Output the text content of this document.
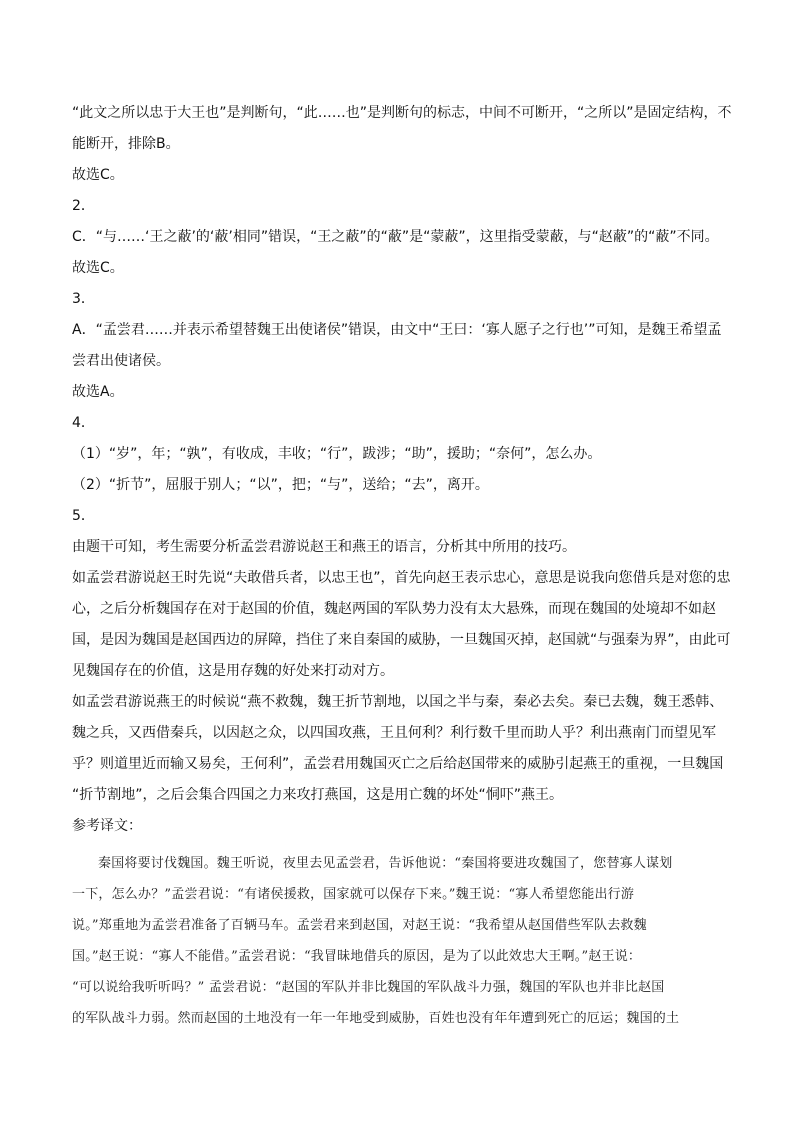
“此文之所以忠于大王也”是判断句，“此……也”是判断句的标志，中间不可断开，“之所以”是固定结构，不

能断开，排除B。

故选C。

2．

C．“与……‘王之蔽’的‘蔽’相同”错误，“王之蔽”的“蔽”是“蒙蔽”，这里指受蒙蔽，与“赵蔽”的“蔽”不同。

故选C。

3．

A．“孟尝君……并表示希望替魏王出使诸侯”错误，由文中“王曰：‘寡人愿子之行也’”可知，是魏王希望孟

尝君出使诸侯。

故选A。

4．

（1）“岁”，年；“孰”，有收成，丰收；“行”，跋涉；“助”，援助；“奈何”，怎么办。

（2）“折节”，屈服于别人；“以”，把；“与”，送给；“去”，离开。

5．

由题干可知，考生需要分析孟尝君游说赵王和燕王的语言，分析其中所用的技巧。

如孟尝君游说赵王时先说“夫敢借兵者，以忠王也”，首先向赵王表示忠心，意思是说我向您借兵是对您的忠

心，之后分析魏国存在对于赵国的价值，魏赵两国的军队势力没有太大悬殊，而现在魏国的处境却不如赵

国，是因为魏国是赵国西边的屏障，挡住了来自秦国的威胁，一旦魏国灭掉，赵国就“与强秦为界”，由此可

见魏国存在的价值，这是用存魏的好处来打动对方。

如孟尝君游说燕王的时候说“燕不救魏，魏王折节割地，以国之半与秦，秦必去矣。秦已去魏，魏王悉韩、

魏之兵，又西借秦兵，以因赵之众，以四国攻燕，王且何利？利行数千里而助人乎？利出燕南门而望见军

乎？则道里近而输又易矣，王何利”，孟尝君用魏国灭亡之后给赵国带来的威胁引起燕王的重视，一旦魏国

“折节割地”，之后会集合四国之力来攻打燕国，这是用亡魏的坏处“恫吓”燕王。

参考译文：

秦国将要讨伐魏国。魏王听说，夜里去见孟尝君，告诉他说：“秦国将要进攻魏国了，您替寡人谋划

一下，怎么办？”孟尝君说：“有诸侯援救，国家就可以保存下来。”魏王说：“寡人希望您能出行游

说。”郑重地为孟尝君准备了百辆马车。孟尝君来到赵国，对赵王说：“我希望从赵国借些军队去救魏

国。”赵王说：“寡人不能借。”孟尝君说：“我冒昧地借兵的原因，是为了以此效忠大王啊。”赵王说：

“可以说给我听听吗？” 孟尝君说：“赵国的军队并非比魏国的军队战斗力强，魏国的军队也并非比赵国

的军队战斗力弱。然而赵国的土地没有一年一年地受到威胁，百姓也没有年年遭到死亡的厄运；魏国的土
